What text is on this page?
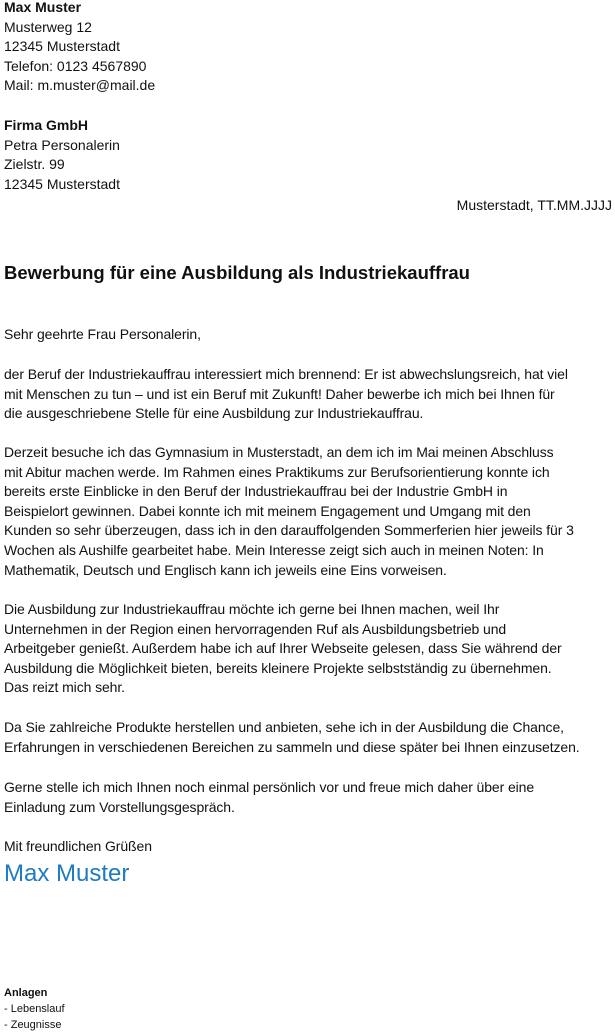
Max Muster
Musterweg 12
12345 Musterstadt
Telefon: 0123 4567890
Mail: m.muster@mail.de
Firma GmbH
Petra Personalerin
Zielstr. 99
12345 Musterstadt
Musterstadt, TT.MM.JJJJ
Bewerbung für eine Ausbildung als Industriekauffrau
Sehr geehrte Frau Personalerin,
der Beruf der Industriekauffrau interessiert mich brennend: Er ist abwechslungsreich, hat viel
mit Menschen zu tun – und ist ein Beruf mit Zukunft! Daher bewerbe ich mich bei Ihnen für
die ausgeschriebene Stelle für eine Ausbildung zur Industriekauffrau.
Derzeit besuche ich das Gymnasium in Musterstadt, an dem ich im Mai meinen Abschluss
mit Abitur machen werde. Im Rahmen eines Praktikums zur Berufsorientierung konnte ich
bereits erste Einblicke in den Beruf der Industriekauffrau bei der Industrie GmbH in
Beispielort gewinnen. Dabei konnte ich mit meinem Engagement und Umgang mit den
Kunden so sehr überzeugen, dass ich in den darauffolgenden Sommerferien hier jeweils für 3
Wochen als Aushilfe gearbeitet habe. Mein Interesse zeigt sich auch in meinen Noten: In
Mathematik, Deutsch und Englisch kann ich jeweils eine Eins vorweisen.
Die Ausbildung zur Industriekauffrau möchte ich gerne bei Ihnen machen, weil Ihr
Unternehmen in der Region einen hervorragenden Ruf als Ausbildungsbetrieb und
Arbeitgeber genießt. Außerdem habe ich auf Ihrer Webseite gelesen, dass Sie während der
Ausbildung die Möglichkeit bieten, bereits kleinere Projekte selbstständig zu übernehmen.
Das reizt mich sehr.
Da Sie zahlreiche Produkte herstellen und anbieten, sehe ich in der Ausbildung die Chance,
Erfahrungen in verschiedenen Bereichen zu sammeln und diese später bei Ihnen einzusetzen.
Gerne stelle ich mich Ihnen noch einmal persönlich vor und freue mich daher über eine
Einladung zum Vorstellungsgespräch.
Mit freundlichen Grüßen
Max Muster
Anlagen
- Lebenslauf
- Zeugnisse
